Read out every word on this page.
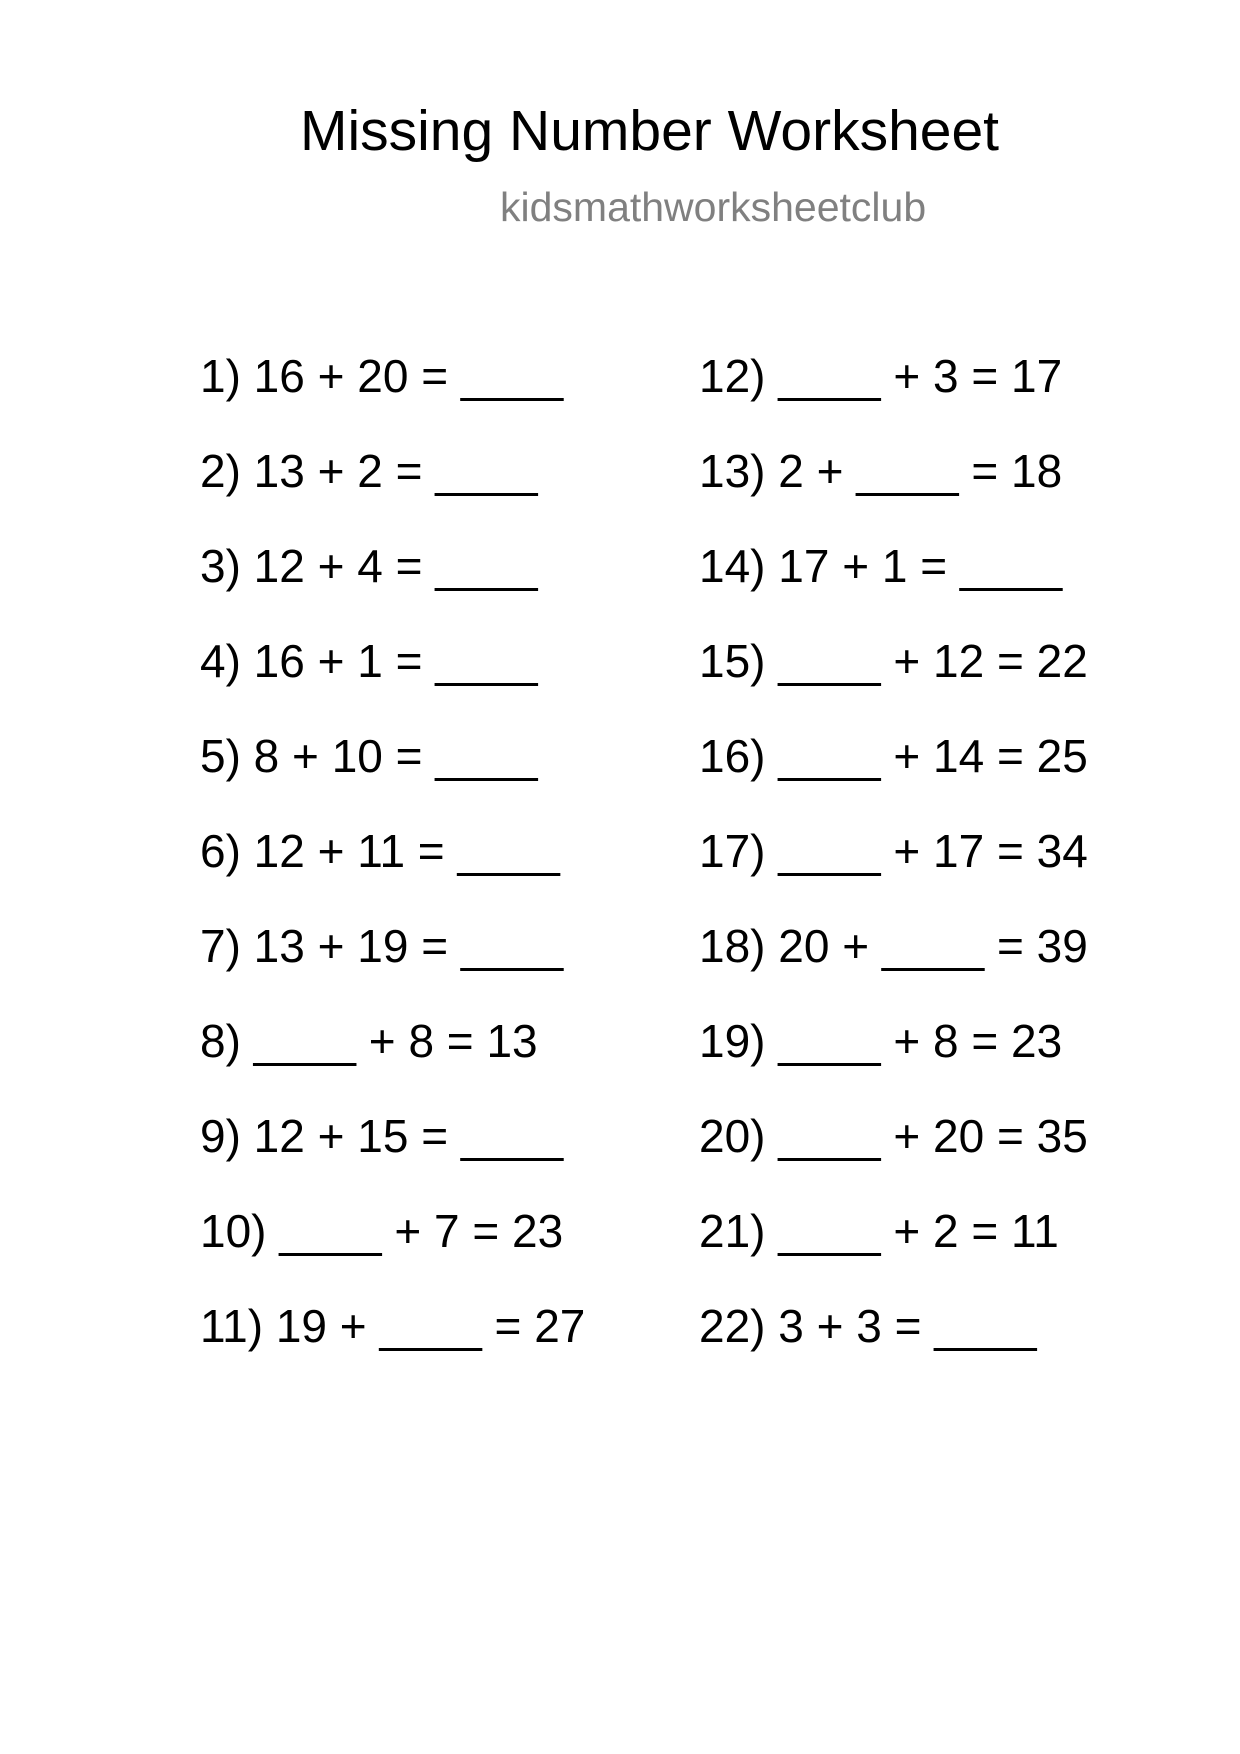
Missing Number Worksheet
kidsmathworksheetclub
1) 16 + 20 = ____
2) 13 + 2 = ____
3) 12 + 4 = ____
4) 16 + 1 = ____
5) 8 + 10 = ____
6) 12 + 11 = ____
7) 13 + 19 = ____
8) ____ + 8 = 13
9) 12 + 15 = ____
10) ____ + 7 = 23
11) 19 + ____ = 27
12) ____ + 3 = 17
13) 2 + ____ = 18
14) 17 + 1 = ____
15) ____ + 12 = 22
16) ____ + 14 = 25
17) ____ + 17 = 34
18) 20 + ____ = 39
19) ____ + 8 = 23
20) ____ + 20 = 35
21) ____ + 2 = 11
22) 3 + 3 = ____
